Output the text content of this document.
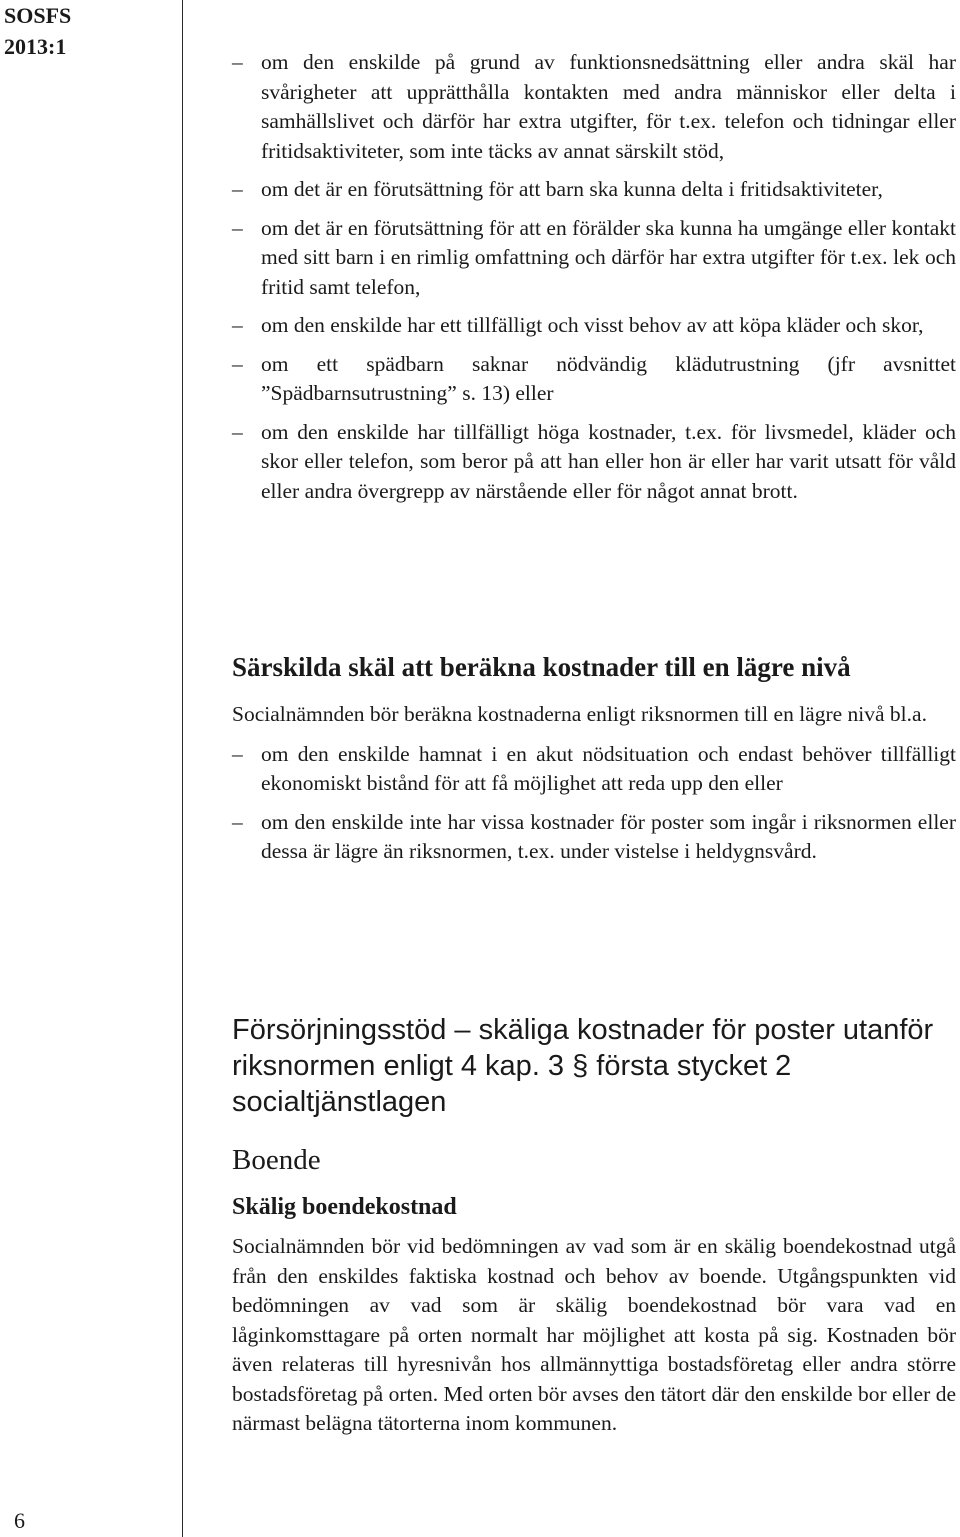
SOSFS 2013:1
6
– om den enskilde på grund av funktionsnedsättning eller andra skäl har svårigheter att upprätthålla kontakten med andra människor eller delta i samhällslivet och därför har extra utgifter, för t.ex. telefon och tidningar eller fritidsaktiviteter, som inte täcks av annat särskilt stöd,
– om det är en förutsättning för att barn ska kunna delta i fritidsaktiviteter,
– om det är en förutsättning för att en förälder ska kunna ha umgänge eller kontakt med sitt barn i en rimlig omfattning och därför har extra utgifter för t.ex. lek och fritid samt telefon,
– om den enskilde har ett tillfälligt och visst behov av att köpa kläder och skor,
– om ett spädbarn saknar nödvändig klädutrustning (jfr avsnittet ”Spädbarnsutrustning” s. 13) eller
– om den enskilde har tillfälligt höga kostnader, t.ex. för livsmedel, kläder och skor eller telefon, som beror på att han eller hon är eller har varit utsatt för våld eller andra övergrepp av närstående eller för något annat brott.
Särskilda skäl att beräkna kostnader till en lägre nivå

Socialnämnden bör beräkna kostnaderna enligt riksnormen till en lägre nivå bl.a.

– om den enskilde hamnat i en akut nödsituation och endast behöver tillfälligt ekonomiskt bistånd för att få möjlighet att reda upp den eller
– om den enskilde inte har vissa kostnader för poster som ingår i riksnormen eller dessa är lägre än riksnormen, t.ex. under vistelse i heldygnsvård.
Försörjningsstöd – skäliga kostnader för poster utanför riksnormen enligt 4 kap. 3 § första stycket 2 socialtjänstlagen
Boende
Skälig boendekostnad

Socialnämnden bör vid bedömningen av vad som är en skälig boendekostnad utgå från den enskildes faktiska kostnad och behov av boende. Utgångspunkten vid bedömningen av vad som är skälig boendekostnad bör vara vad en låginkomsttagare på orten normalt har möjlighet att kosta på sig. Kostnaden bör även relateras till hyresnivån hos allmännyttiga bostadsföretag eller andra större bostadsföretag på orten. Med orten bör avses den tätort där den enskilde bor eller de närmast belägna tätorterna inom kommunen.
